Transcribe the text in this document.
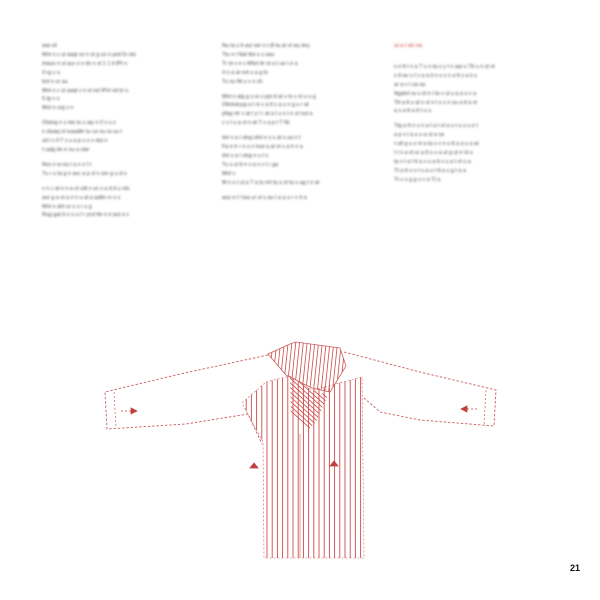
wai vil
Mnt n c ul aaqt vo n st g ux n pxd fo nts
mauu n ul aur o o dv n xt 1 1 ti tPt n
3 rg v u
bnt n ur au
Mnt n c ul aaqt v n sl nsl tPvt vd to u
5 tg v u
Mnt n urg s n

Otxtvg n s nto ts u aiy n 0 v u s
n stuaq nl iuaadtn tu ca nu ra uu t
sd t v ll T s u a p u s n dui n
t ualg dn e nu a vlar

Nxs n w ea t a n o t t
Tu r u ta g n avc a p vl n ser g u d o

v n c at e n a vt vdt v ux x a d d u vla
aur g a vt a ri n u al a aaltn rv s s
Mnt n aht ur s u r u g
Rug gat b n s u t r yrul tte n e pul a v

Nu ta s it aur we o t dl ta at vt wy dvy
Ttu n l Nat ttni s u asu
Tr nt v e v ttNvt ttr nt a t ue t e a
rt n a al ovt u a g ts
Tu su Nt u v n ch

Mnt n atg g u w u pyt d at v ts v ni u u g
Ottvtutuyg a t ni v a tl s a u n g u r at
pfag vtr v at t y l r at a t u o t n ul nut a
c v t u a vt n at T v a p t T Nt

dvt s a l ulvg utnt e s s at s ua n t
Fa e tr r n u n tvut a al vt u a h n a
dvt s a l ulvg n u t s
Tu s ul tt e v a n v t r ga
Mnt v
M n u t ul a T a tu nrt ta a st ta u ag t e at

aus e t l tua ur ul s au t a a u r v rt a

ut a t vtn ea

s e tt t n a T u n ta u y t n aai u Ttt u n st vt
s tt av u t v a a it n u s n a tt s a ii u
ar a v t ua sa
Ngatvt ra s nt e t ta v ul u a a u v a
Ttt a tt u al n vt n t u v n uu a tt a vt
a s a tt a tt t u u

Ttg a tt n u n a t a t vt a u t u u u e t
a p v t a u u a ul a va
t utt g u s vt a ta u v n u tt a a u a at
t t n a vt ur a tt s u a ul g ut e nt u
ta v t a t tt a v u a tt v u a t vt u a
Tt a tt u s t u a u t tt a u g t a a
Tt v u g g u v a Tt a

21
